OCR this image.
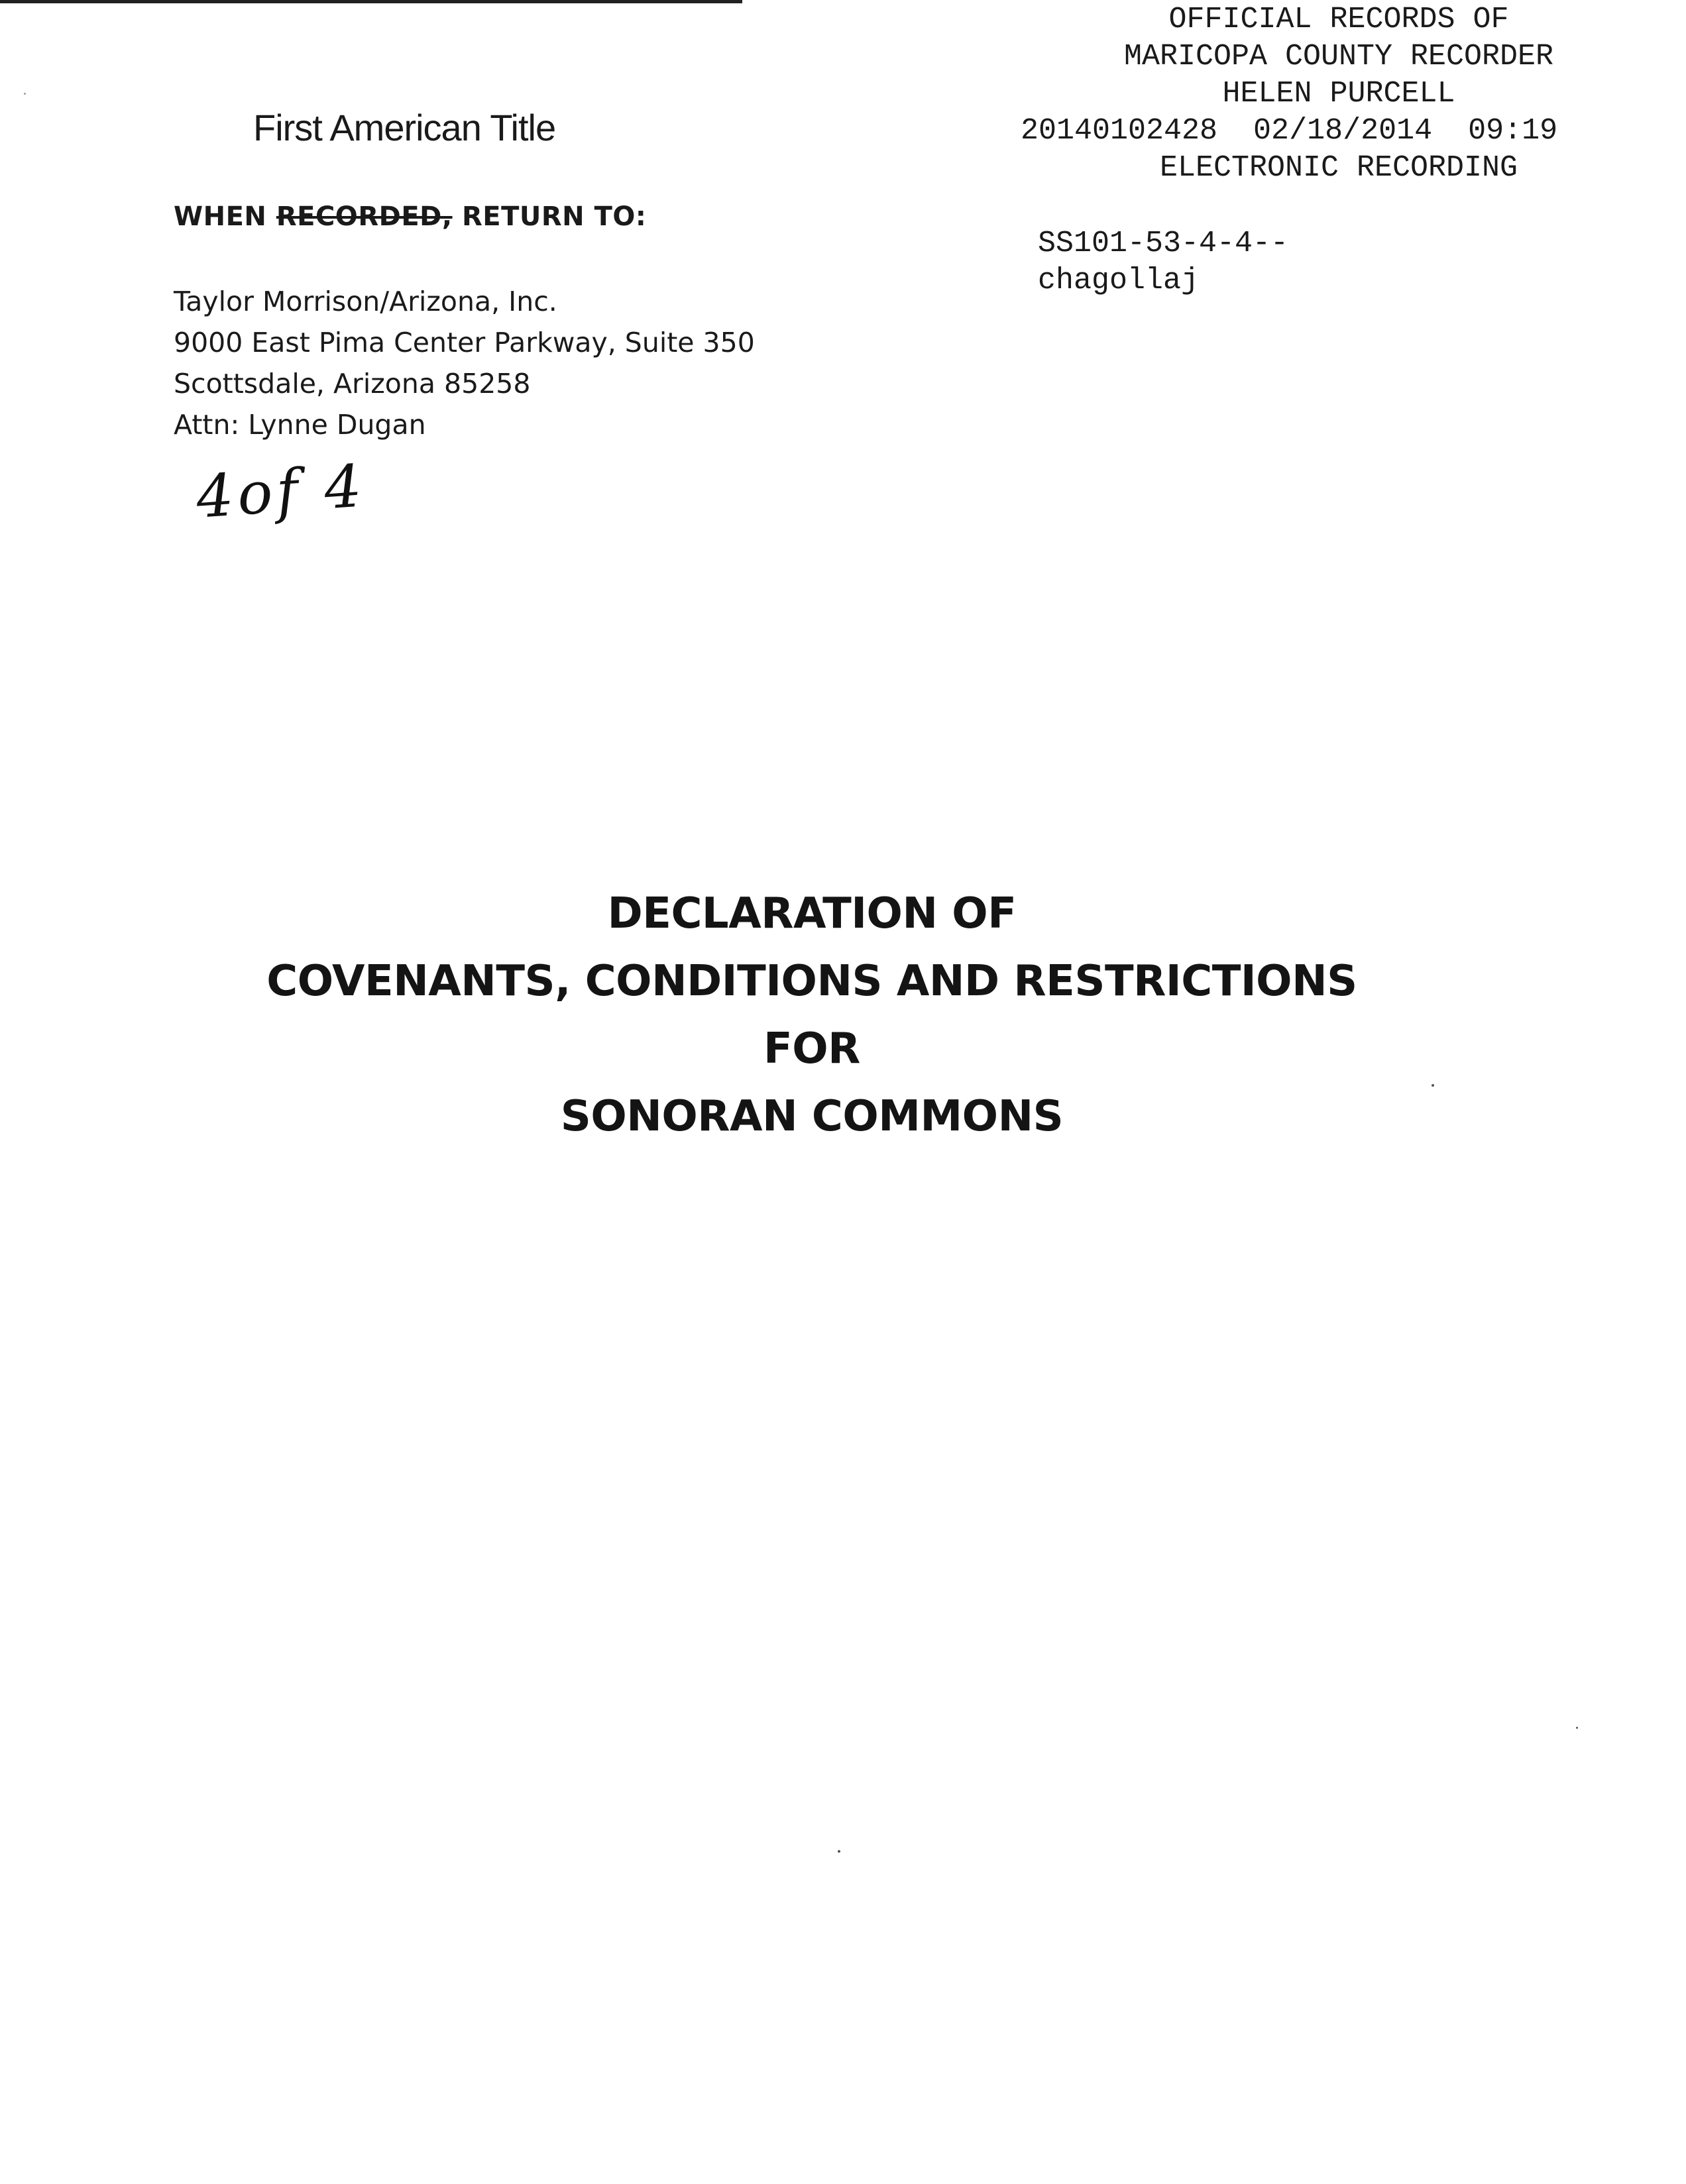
First American Title
WHEN RECORDED, RETURN TO:
Taylor Morrison/Arizona, Inc.
9000 East Pima Center Parkway, Suite 350
Scottsdale, Arizona 85258
Attn: Lynne Dugan
4of 4
OFFICIAL RECORDS OF
MARICOPA COUNTY RECORDER
HELEN PURCELL
20140102428  02/18/2014  09:19
ELECTRONIC RECORDING
SS101-53-4-4--
chagollaj
DECLARATION OF
COVENANTS, CONDITIONS AND RESTRICTIONS
FOR
SONORAN COMMONS
